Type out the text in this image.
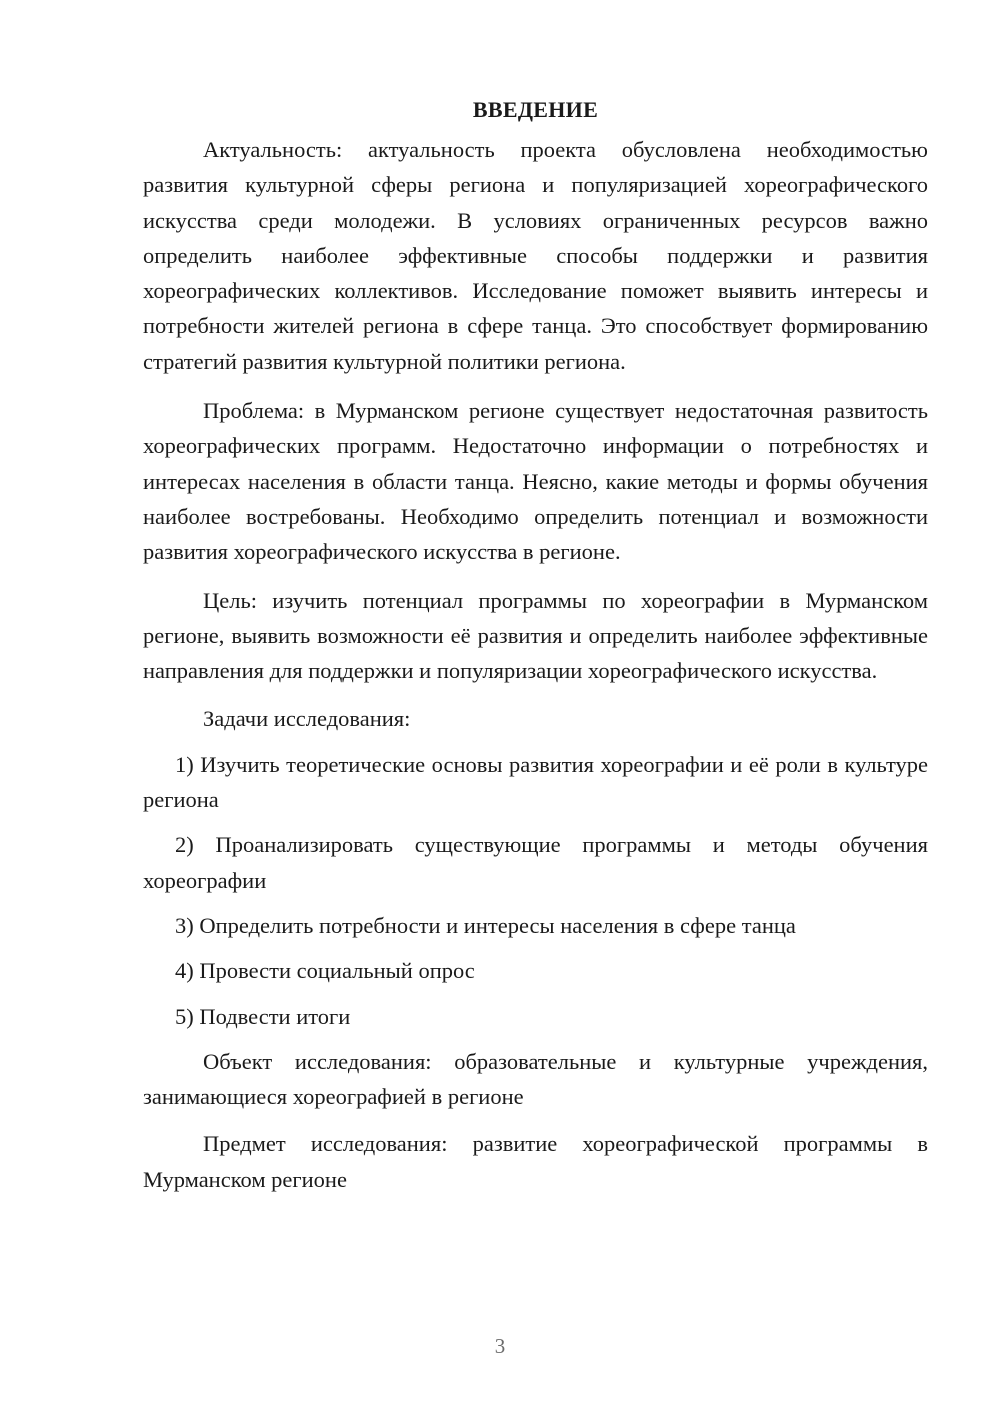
ВВЕДЕНИЕ

Актуальность: актуальность проекта обусловлена необходимостью развития культурной сферы региона и популяризацией хореографического искусства среди молодежи. В условиях ограниченных ресурсов важно определить наиболее эффективные способы поддержки и развития хореографических коллективов. Исследование поможет выявить интересы и потребности жителей региона в сфере танца. Это способствует формированию стратегий развития культурной политики региона.

Проблема: в Мурманском регионе существует недостаточная развитость хореографических программ. Недостаточно информации о потребностях и интересах населения в области танца. Неясно, какие методы и формы обучения наиболее востребованы. Необходимо определить потенциал и возможности развития хореографического искусства в регионе.

Цель: изучить потенциал программы по хореографии в Мурманском регионе, выявить возможности её развития и определить наиболее эффективные направления для поддержки и популяризации хореографического искусства.

Задачи исследования:

1) Изучить теоретические основы развития хореографии и её роли в культуре региона

2) Проанализировать существующие программы и методы обучения хореографии

3) Определить потребности и интересы населения в сфере танца

4) Провести социальный опрос

5) Подвести итоги

Объект исследования: образовательные и культурные учреждения, занимающиеся хореографией в регионе

Предмет исследования: развитие хореографической программы в Мурманском регионе

3
